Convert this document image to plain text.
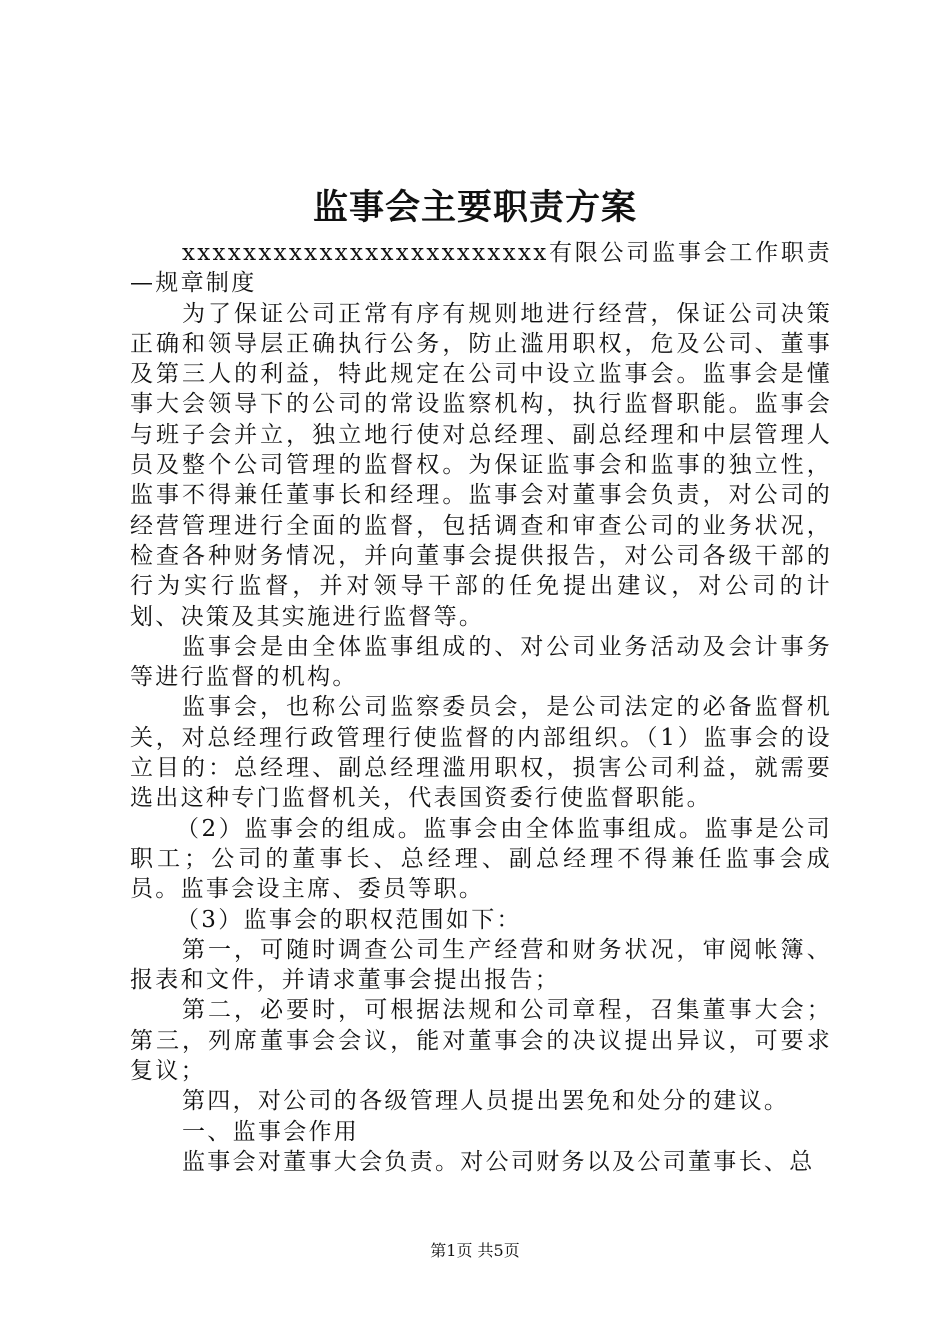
监事会主要职责方案

xxxxxxxxxxxxxxxxxxxxxxxx有限公司监事会工作职责—规章制度

为了保证公司正常有序有规则地进行经营，保证公司决策正确和领导层正确执行公务，防止滥用职权，危及公司、董事及第三人的利益，特此规定在公司中设立监事会。监事会是懂事大会领导下的公司的常设监察机构，执行监督职能。监事会与班子会并立，独立地行使对总经理、副总经理和中层管理人员及整个公司管理的监督权。为保证监事会和监事的独立性，监事不得兼任董事长和经理。监事会对董事会负责，对公司的经营管理进行全面的监督，包括调查和审查公司的业务状况，检查各种财务情况，并向董事会提供报告，对公司各级干部的行为实行监督，并对领导干部的任免提出建议，对公司的计划、决策及其实施进行监督等。

监事会是由全体监事组成的、对公司业务活动及会计事务等进行监督的机构。

监事会，也称公司监察委员会，是公司法定的必备监督机关，对总经理行政管理行使监督的内部组织。（1）监事会的设立目的：总经理、副总经理滥用职权，损害公司利益，就需要选出这种专门监督机关，代表国资委行使监督职能。

（2）监事会的组成。监事会由全体监事组成。监事是公司职工；公司的董事长、总经理、副总经理不得兼任监事会成员。监事会设主席、委员等职。

（3）监事会的职权范围如下：

第一，可随时调查公司生产经营和财务状况，审阅帐簿、报表和文件，并请求董事会提出报告；

第二，必要时，可根据法规和公司章程，召集董事大会；第三，列席董事会会议，能对董事会的决议提出异议，可要求复议；

第四，对公司的各级管理人员提出罢免和处分的建议。

一、监事会作用

监事会对董事大会负责。对公司财务以及公司董事长、总

第1页 共5页
